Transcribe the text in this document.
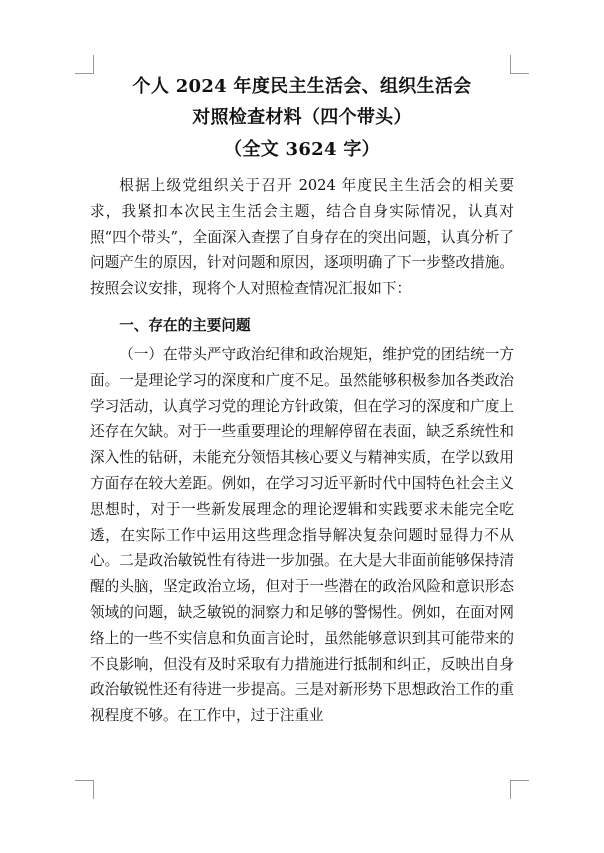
个人 2024 年度民主生活会、组织生活会
对照检查材料（四个带头）
（全文 3624 字）

根据上级党组织关于召开 2024 年度民主生活会的相关要求，我紧扣本次民主生活会主题，结合自身实际情况，认真对照“四个带头”，全面深入查摆了自身存在的突出问题，认真分析了问题产生的原因，针对问题和原因，逐项明确了下一步整改措施。按照会议安排，现将个人对照检查情况汇报如下：

一、存在的主要问题

（一）在带头严守政治纪律和政治规矩，维护党的团结统一方面。一是理论学习的深度和广度不足。虽然能够积极参加各类政治学习活动，认真学习党的理论方针政策，但在学习的深度和广度上还存在欠缺。对于一些重要理论的理解停留在表面，缺乏系统性和深入性的钻研，未能充分领悟其核心要义与精神实质，在学以致用方面存在较大差距。例如，在学习习近平新时代中国特色社会主义思想时，对于一些新发展理念的理论逻辑和实践要求未能完全吃透，在实际工作中运用这些理念指导解决复杂问题时显得力不从心。二是政治敏锐性有待进一步加强。在大是大非面前能够保持清醒的头脑，坚定政治立场，但对于一些潜在的政治风险和意识形态领域的问题，缺乏敏锐的洞察力和足够的警惕性。例如，在面对网络上的一些不实信息和负面言论时，虽然能够意识到其可能带来的不良影响，但没有及时采取有力措施进行抵制和纠正，反映出自身政治敏锐性还有待进一步提高。三是对新形势下思想政治工作的重视程度不够。在工作中，过于注重业
